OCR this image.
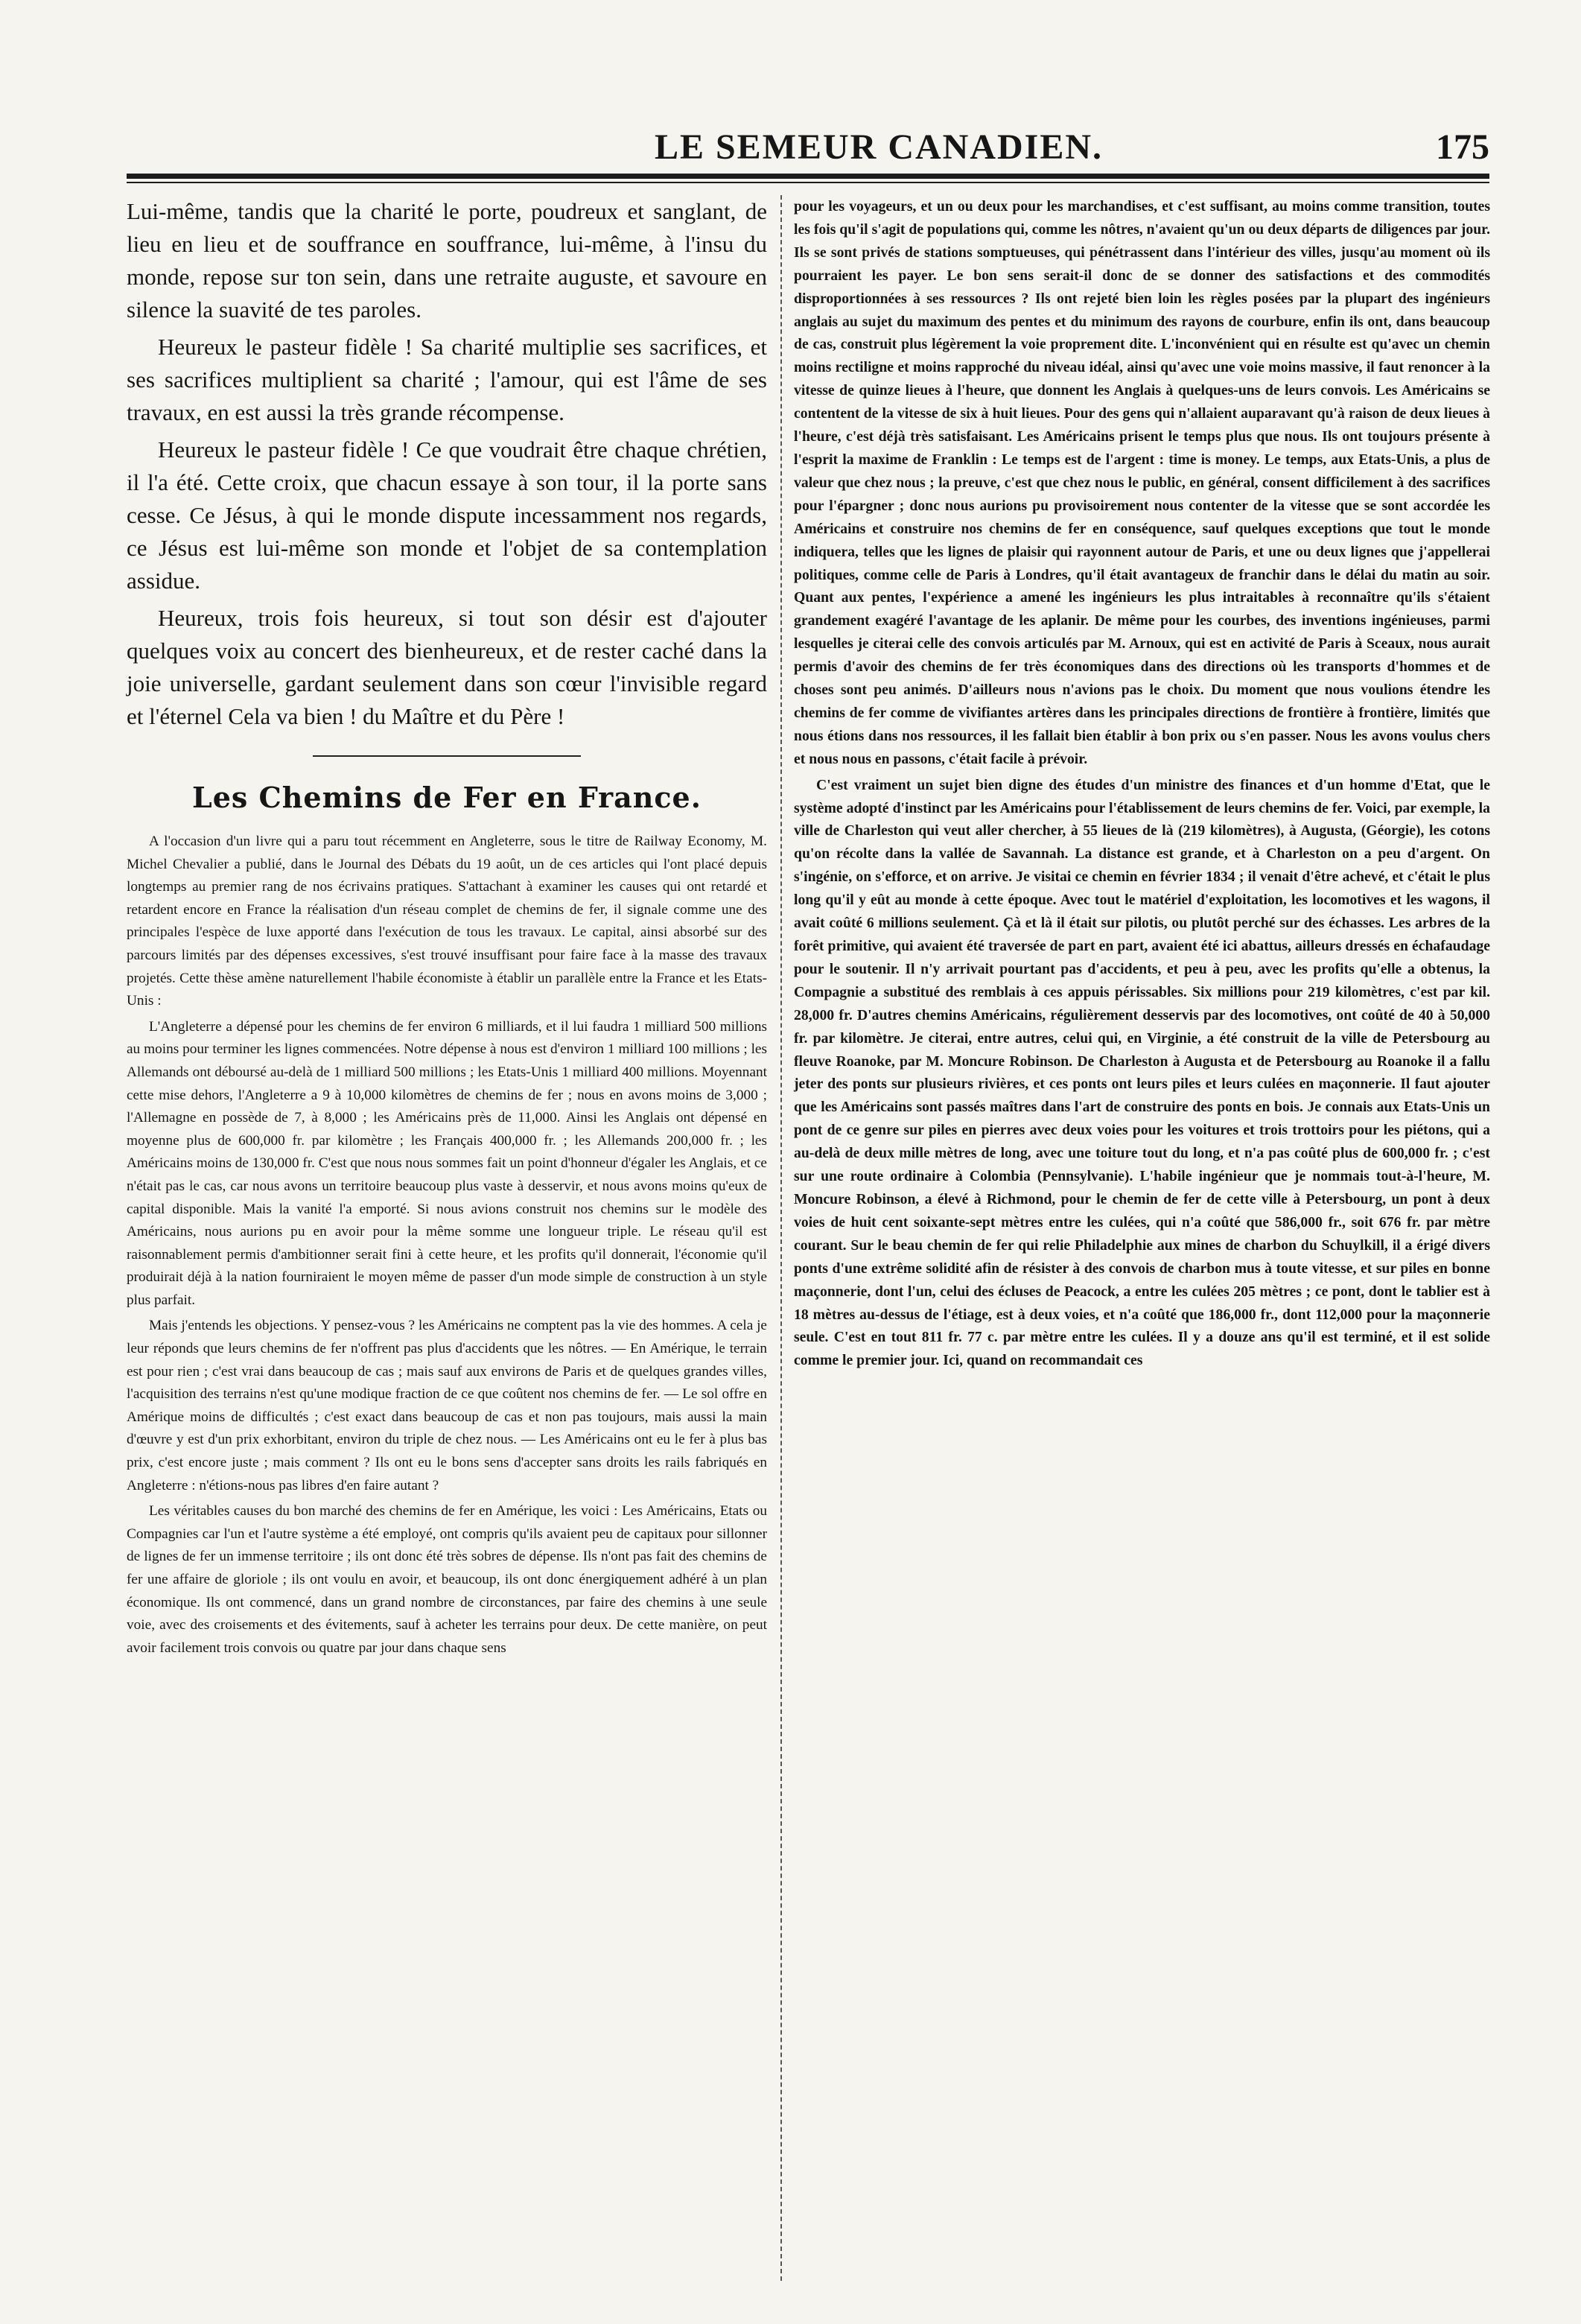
LE SEMEUR CANADIEN.	175

Lui-même, tandis que la charité le porte, poudreux et sanglant, de lieu en lieu et de souffrance en souffrance, lui-même, à l'insu du monde, repose sur ton sein, dans une retraite auguste, et savoure en silence la suavité de tes paroles.

Heureux le pasteur fidèle ! Sa charité multiplie ses sacrifices, et ses sacrifices multiplient sa charité ; l'amour, qui est l'âme de ses travaux, en est aussi la très grande récompense.

Heureux le pasteur fidèle ! Ce que voudrait être chaque chrétien, il l'a été. Cette croix, que chacun essaye à son tour, il la porte sans cesse. Ce Jésus, à qui le monde dispute incessamment nos regards, ce Jésus est lui-même son monde et l'objet de sa contemplation assidue.

Heureux, trois fois heureux, si tout son désir est d'ajouter quelques voix au concert des bienheureux, et de rester caché dans la joie universelle, gardant seulement dans son cœur l'invisible regard et l'éternel Cela va bien ! du Maître et du Père !

Les Chemins de Fer en France.

A l'occasion d'un livre qui a paru tout récemment en Angleterre, sous le titre de Railway Economy, M. Michel Chevalier a publié, dans le Journal des Débats du 19 août, un de ces articles qui l'ont placé depuis longtemps au premier rang de nos écrivains pratiques. S'attachant à examiner les causes qui ont retardé et retardent encore en France la réalisation d'un réseau complet de chemins de fer, il signale comme une des principales l'espèce de luxe apporté dans l'exécution de tous les travaux. Le capital, ainsi absorbé sur des parcours limités par des dépenses excessives, s'est trouvé insuffisant pour faire face à la masse des travaux projetés. Cette thèse amène naturellement l'habile économiste à établir un parallèle entre la France et les Etats-Unis :

L'Angleterre a dépensé pour les chemins de fer environ 6 milliards, et il lui faudra 1 milliard 500 millions au moins pour terminer les lignes commencées. Notre dépense à nous est d'environ 1 milliard 100 millions ; les Allemands ont déboursé au-delà de 1 milliard 500 millions ; les Etats-Unis 1 milliard 400 millions. Moyennant cette mise dehors, l'Angleterre a 9 à 10,000 kilomètres de chemins de fer ; nous en avons moins de 3,000 ; l'Allemagne en possède de 7, à 8,000 ; les Américains près de 11,000. Ainsi les Anglais ont dépensé en moyenne plus de 600,000 fr. par kilomètre ; les Français 400,000 fr. ; les Allemands 200,000 fr. ; les Américains moins de 130,000 fr. C'est que nous nous sommes fait un point d'honneur d'égaler les Anglais, et ce n'était pas le cas, car nous avons un territoire beaucoup plus vaste à desservir, et nous avons moins qu'eux de capital disponible. Mais la vanité l'a emporté. Si nous avions construit nos chemins sur le modèle des Américains, nous aurions pu en avoir pour la même somme une longueur triple. Le réseau qu'il est raisonnablement permis d'ambitionner serait fini à cette heure, et les profits qu'il donnerait, l'économie qu'il produirait déjà à la nation fourniraient le moyen même de passer d'un mode simple de construction à un style plus parfait.

Mais j'entends les objections. Y pensez-vous ? les Américains ne comptent pas la vie des hommes. A cela je leur réponds que leurs chemins de fer n'offrent pas plus d'accidents que les nôtres. — En Amérique, le terrain est pour rien ; c'est vrai dans beaucoup de cas ; mais sauf aux environs de Paris et de quelques grandes villes, l'acquisition des terrains n'est qu'une modique fraction de ce que coûtent nos chemins de fer. — Le sol offre en Amérique moins de difficultés ; c'est exact dans beaucoup de cas et non pas toujours, mais aussi la main d'œuvre y est d'un prix exhorbitant, environ du triple de chez nous. — Les Américains ont eu le fer à plus bas prix, c'est encore juste ; mais comment ? Ils ont eu le bons sens d'accepter sans droits les rails fabriqués en Angleterre : n'étions-nous pas libres d'en faire autant ?

Les véritables causes du bon marché des chemins de fer en Amérique, les voici : Les Américains, Etats ou Compagnies car l'un et l'autre système a été employé, ont compris qu'ils avaient peu de capitaux pour sillonner de lignes de fer un immense territoire ; ils ont donc été très sobres de dépense. Ils n'ont pas fait des chemins de fer une affaire de gloriole ; ils ont voulu en avoir, et beaucoup, ils ont donc énergiquement adhéré à un plan économique. Ils ont commencé, dans un grand nombre de circonstances, par faire des chemins à une seule voie, avec des croisements et des évitements, sauf à acheter les terrains pour deux. De cette manière, on peut avoir facilement trois convois ou quatre par jour dans chaque sens

pour les voyageurs, et un ou deux pour les marchandises, et c'est suffisant, au moins comme transition, toutes les fois qu'il s'agit de populations qui, comme les nôtres, n'avaient qu'un ou deux départs de diligences par jour. Ils se sont privés de stations somptueuses, qui pénétrassent dans l'intérieur des villes, jusqu'au moment où ils pourraient les payer. Le bon sens serait-il donc de se donner des satisfactions et des commodités disproportionnées à ses ressources ? Ils ont rejeté bien loin les règles posées par la plupart des ingénieurs anglais au sujet du maximum des pentes et du minimum des rayons de courbure, enfin ils ont, dans beaucoup de cas, construit plus légèrement la voie proprement dite. L'inconvénient qui en résulte est qu'avec un chemin moins rectiligne et moins rapproché du niveau idéal, ainsi qu'avec une voie moins massive, il faut renoncer à la vitesse de quinze lieues à l'heure, que donnent les Anglais à quelques-uns de leurs convois. Les Américains se contentent de la vitesse de six à huit lieues. Pour des gens qui n'allaient auparavant qu'à raison de deux lieues à l'heure, c'est déjà très satisfaisant. Les Américains prisent le temps plus que nous. Ils ont toujours présente à l'esprit la maxime de Franklin : Le temps est de l'argent : time is money. Le temps, aux Etats-Unis, a plus de valeur que chez nous ; la preuve, c'est que chez nous le public, en général, consent difficilement à des sacrifices pour l'épargner ; donc nous aurions pu provisoirement nous contenter de la vitesse que se sont accordée les Américains et construire nos chemins de fer en conséquence, sauf quelques exceptions que tout le monde indiquera, telles que les lignes de plaisir qui rayonnent autour de Paris, et une ou deux lignes que j'appellerai politiques, comme celle de Paris à Londres, qu'il était avantageux de franchir dans le délai du matin au soir. Quant aux pentes, l'expérience a amené les ingénieurs les plus intraitables à reconnaître qu'ils s'étaient grandement exagéré l'avantage de les aplanir. De même pour les courbes, des inventions ingénieuses, parmi lesquelles je citerai celle des convois articulés par M. Arnoux, qui est en activité de Paris à Sceaux, nous aurait permis d'avoir des chemins de fer très économiques dans des directions où les transports d'hommes et de choses sont peu animés. D'ailleurs nous n'avions pas le choix. Du moment que nous voulions étendre les chemins de fer comme de vivifiantes artères dans les principales directions de frontière à frontière, limités que nous étions dans nos ressources, il les fallait bien établir à bon prix ou s'en passer. Nous les avons voulus chers et nous nous en passons, c'était facile à prévoir.

C'est vraiment un sujet bien digne des études d'un ministre des finances et d'un homme d'Etat, que le système adopté d'instinct par les Américains pour l'établissement de leurs chemins de fer. Voici, par exemple, la ville de Charleston qui veut aller chercher, à 55 lieues de là (219 kilomètres), à Augusta, (Géorgie), les cotons qu'on récolte dans la vallée de Savannah. La distance est grande, et à Charleston on a peu d'argent. On s'ingénie, on s'efforce, et on arrive. Je visitai ce chemin en février 1834 ; il venait d'être achevé, et c'était le plus long qu'il y eût au monde à cette époque. Avec tout le matériel d'exploitation, les locomotives et les wagons, il avait coûté 6 millions seulement. Çà et là il était sur pilotis, ou plutôt perché sur des échasses. Les arbres de la forêt primitive, qui avaient été traversée de part en part, avaient été ici abattus, ailleurs dressés en échafaudage pour le soutenir. Il n'y arrivait pourtant pas d'accidents, et peu à peu, avec les profits qu'elle a obtenus, la Compagnie a substitué des remblais à ces appuis périssables. Six millions pour 219 kilomètres, c'est par kil. 28,000 fr. D'autres chemins Américains, régulièrement desservis par des locomotives, ont coûté de 40 à 50,000 fr. par kilomètre. Je citerai, entre autres, celui qui, en Virginie, a été construit de la ville de Petersbourg au fleuve Roanoke, par M. Moncure Robinson. De Charleston à Augusta et de Petersbourg au Roanoke il a fallu jeter des ponts sur plusieurs rivières, et ces ponts ont leurs piles et leurs culées en maçonnerie. Il faut ajouter que les Américains sont passés maîtres dans l'art de construire des ponts en bois. Je connais aux Etats-Unis un pont de ce genre sur piles en pierres avec deux voies pour les voitures et trois trottoirs pour les piétons, qui a au-delà de deux mille mètres de long, avec une toiture tout du long, et n'a pas coûté plus de 600,000 fr. ; c'est sur une route ordinaire à Colombia (Pennsylvanie). L'habile ingénieur que je nommais tout-à-l'heure, M. Moncure Robinson, a élevé à Richmond, pour le chemin de fer de cette ville à Petersbourg, un pont à deux voies de huit cent soixante-sept mètres entre les culées, qui n'a coûté que 586,000 fr., soit 676 fr. par mètre courant. Sur le beau chemin de fer qui relie Philadelphie aux mines de charbon du Schuylkill, il a érigé divers ponts d'une extrême solidité afin de résister à des convois de charbon mus à toute vitesse, et sur piles en bonne maçonnerie, dont l'un, celui des écluses de Peacock, a entre les culées 205 mètres ; ce pont, dont le tablier est à 18 mètres au-dessus de l'étiage, est à deux voies, et n'a coûté que 186,000 fr., dont 112,000 pour la maçonnerie seule. C'est en tout 811 fr. 77 c. par mètre entre les culées. Il y a douze ans qu'il est terminé, et il est solide comme le premier jour. Ici, quand on recommandait ces
